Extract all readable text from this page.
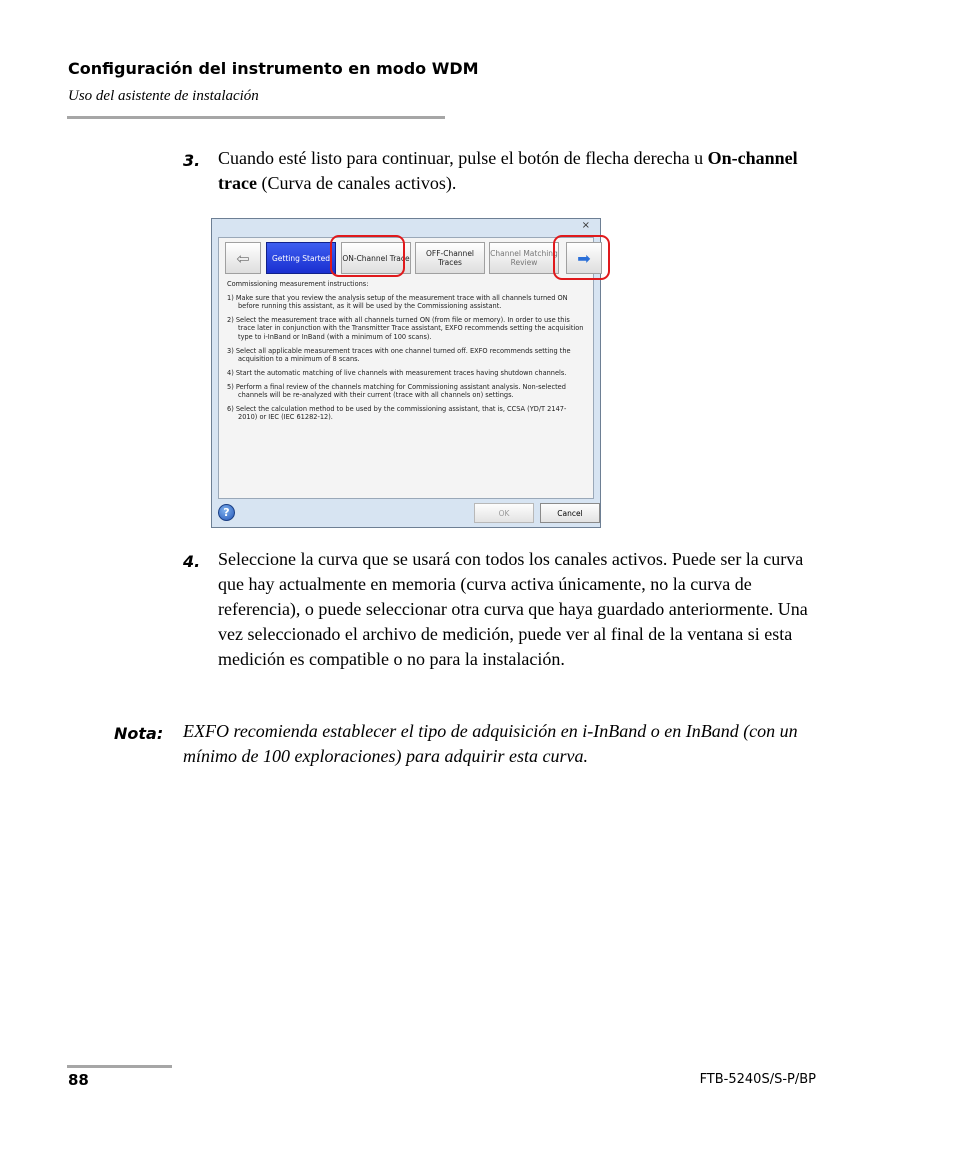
Configuración del instrumento en modo WDM
Uso del asistente de instalación
3. Cuando esté listo para continuar, pulse el botón de flecha derecha u On-channel trace (Curva de canales activos).
×
⇦	Getting Started	ON-Channel Trace	OFF-Channel Traces
Channel Matching Review	➡

Commissioning measurement instructions:

1) Make sure that you review the analysis setup of the measurement trace with all channels turned ON before running this assistant, as it will be used by the Commissioning assistant.

2) Select the measurement trace with all channels turned ON (from file or memory). In order to use this trace later in conjunction with the Transmitter Trace assistant, EXFO recommends setting the acquisition type to i-InBand or InBand (with a minimum of 100 scans).

3) Select all applicable measurement traces with one channel turned off. EXFO recommends setting the acquisition to a minimum of 8 scans.

4) Start the automatic matching of live channels with measurement traces having shutdown channels.

5) Perform a final review of the channels matching for Commissioning assistant analysis. Non-selected channels will be re-analyzed with their current (trace with all channels on) settings.

6) Select the calculation method to be used by the commissioning assistant, that is, CCSA (YD/T 2147-2010) or IEC (IEC 61282-12).

?	OK	Cancel
4. Seleccione la curva que se usará con todos los canales activos. Puede ser la curva que hay actualmente en memoria (curva activa únicamente, no la curva de referencia), o puede seleccionar otra curva que haya guardado anteriormente. Una vez seleccionado el archivo de medición, puede ver al final de la ventana si esta medición es compatible o no para la instalación.
Nota: EXFO recomienda establecer el tipo de adquisición en i-InBand o en InBand (con un mínimo de 100 exploraciones) para adquirir esta curva.
88	FTB-5240S/S-P/BP
